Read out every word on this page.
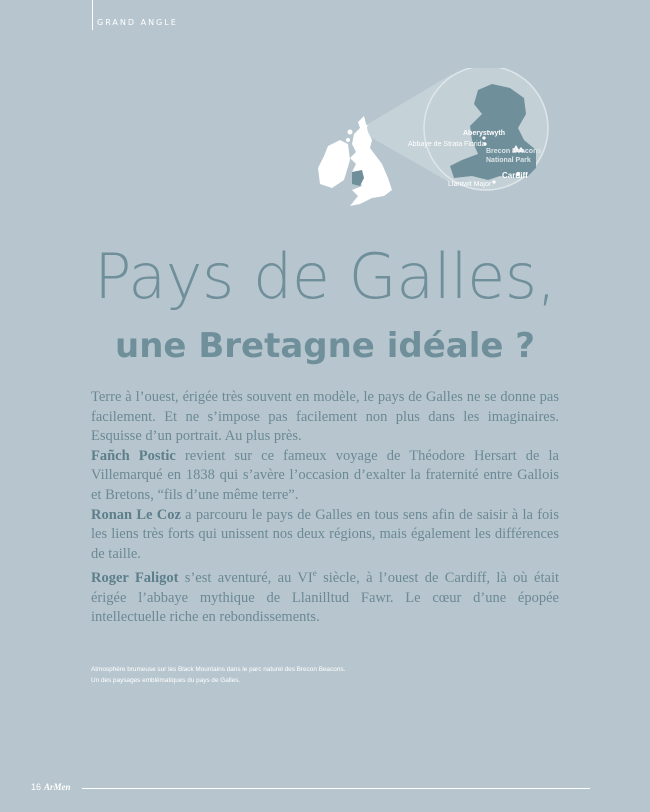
GRAND ANGLE
Aberystwyth
Abbaye de Strata Florida
Brecon Beacons
National Park
Cardiff
Llantwit Major
Pays de Galles,
une Bretagne idéale ?

Terre à l’ouest, érigée très souvent en modèle, le pays de Galles ne se donne pas facilement. Et ne s’impose pas facilement non plus dans les imaginaires. Esquisse d’un portrait. Au plus près.

Fañch Postic revient sur ce fameux voyage de Théodore Hersart de la Villemarqué en 1838 qui s’avère l’occasion d’exalter la fraternité entre Gallois et Bretons, “fils d’une même terre”.

Ronan Le Coz a parcouru le pays de Galles en tous sens afin de saisir à la fois les liens très forts qui unissent nos deux régions, mais également les différences de taille.

Roger Faligot s’est aventuré, au VIe siècle, à l’ouest de Cardiff, là où était érigée l’abbaye mythique de Llanilltud Fawr. Le cœur d’une épopée intellectuelle riche en rebondissements.

Atmosphère brumeuse sur les Black Mountains dans le parc naturel des Brecon Beacons.
Un des paysages emblématiques du pays de Galles.
16 ArMen
